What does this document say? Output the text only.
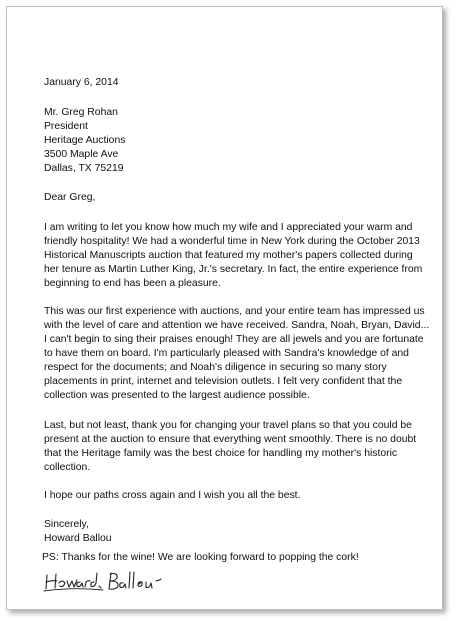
January 6, 2014
Mr. Greg Rohan
President
Heritage Auctions
3500 Maple Ave
Dallas, TX 75219
Dear Greg,
I am writing to let you know how much my wife and I appreciated your warm and
friendly hospitality! We had a wonderful time in New York during the October 2013
Historical Manuscripts auction that featured my mother's papers collected during
her tenure as Martin Luther King, Jr.'s secretary. In fact, the entire experience from
beginning to end has been a pleasure.
This was our first experience with auctions, and your entire team has impressed us
with the level of care and attention we have received. Sandra, Noah, Bryan, David...
I can't begin to sing their praises enough! They are all jewels and you are fortunate
to have them on board. I'm particularly pleased with Sandra's knowledge of and
respect for the documents; and Noah's diligence in securing so many story
placements in print, internet and television outlets. I felt very confident that the
collection was presented to the largest audience possible.
Last, but not least, thank you for changing your travel plans so that you could be
present at the auction to ensure that everything went smoothly. There is no doubt
that the Heritage family was the best choice for handling my mother's historic
collection.
I hope our paths cross again and I wish you all the best.
Sincerely,
Howard Ballou
PS: Thanks for the wine! We are looking forward to popping the cork!
